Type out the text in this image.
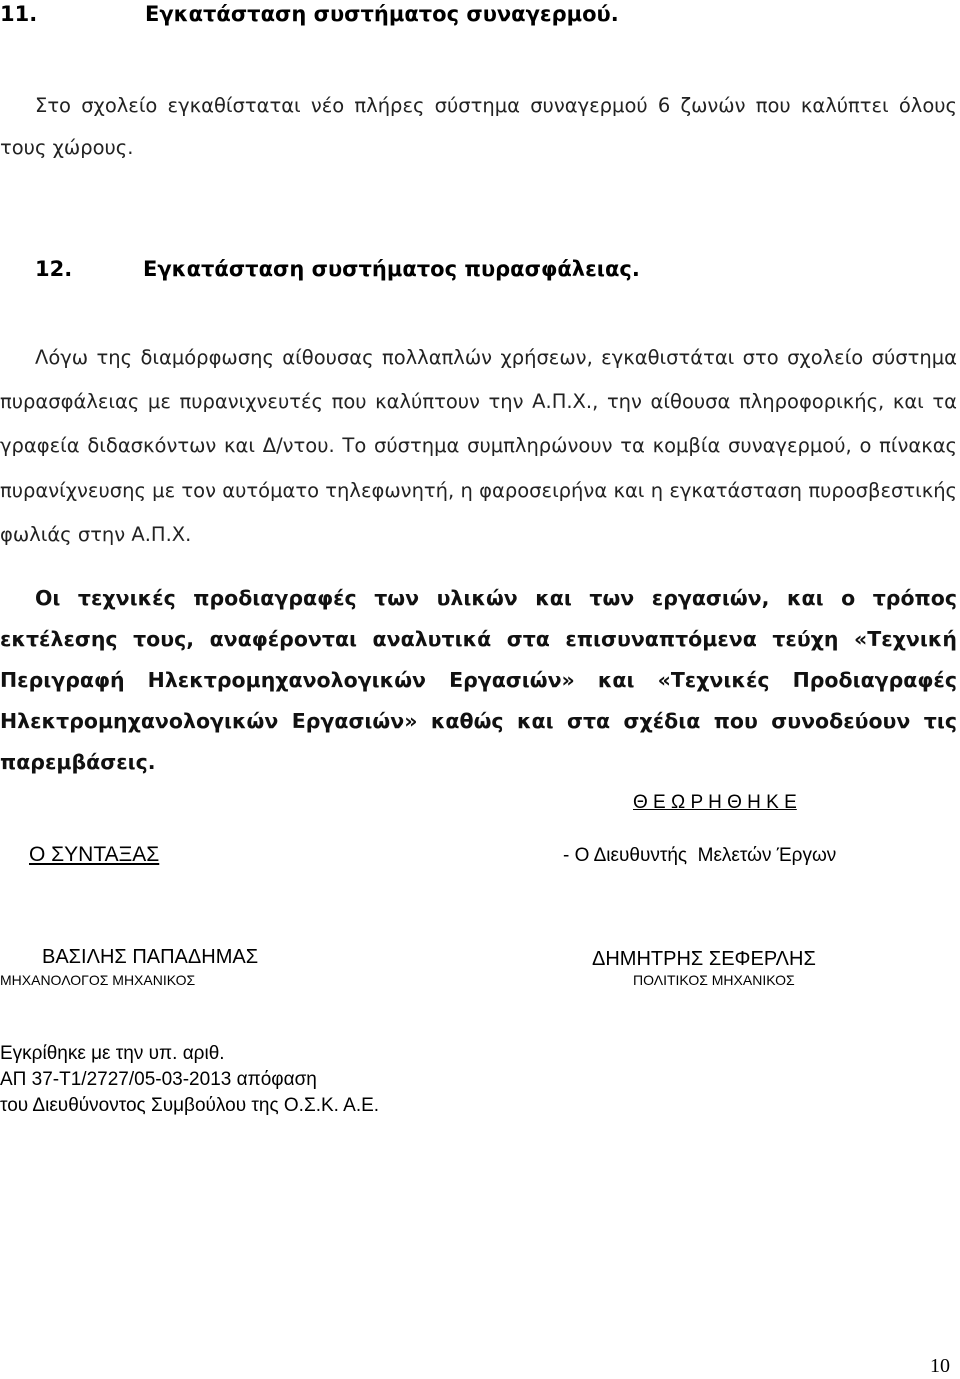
11.	Εγκατάσταση συστήματος συναγερμού.

Στο σχολείο εγκαθίσταται νέο πλήρες σύστημα συναγερμού 6 ζωνών που καλύπτει όλους τους χώρους.

12.	Εγκατάσταση συστήματος πυρασφάλειας.

Λόγω της διαμόρφωσης αίθουσας πολλαπλών χρήσεων, εγκαθιστάται στο σχολείο σύστημα πυρασφάλειας με πυρανιχνευτές που καλύπτουν την Α.Π.Χ., την αίθουσα πληροφορικής, και τα γραφεία διδασκόντων και Δ/ντου. Το σύστημα συμπληρώνουν τα κομβία συναγερμού, ο πίνακας πυρανίχνευσης με τον αυτόματο τηλεφωνητή, η φαροσειρήνα και η εγκατάσταση πυροσβεστικής φωλιάς στην Α.Π.Χ.

Οι τεχνικές προδιαγραφές των υλικών και των εργασιών, και ο τρόπος εκτέλεσης τους, αναφέρονται αναλυτικά στα επισυναπτόμενα τεύχη «Τεχνική Περιγραφή Ηλεκτρομηχανολογικών Εργασιών» και «Τεχνικές Προδιαγραφές Ηλεκτρομηχανολογικών Εργασιών» καθώς και στα σχέδια που συνοδεύουν τις παρεμβάσεις.

Θ Ε Ω Ρ Η Θ Η Κ Ε
Ο ΣΥΝΤΑΞΑΣ	- Ο Διευθυντής  Μελετών Έργων
ΒΑΣΙΛΗΣ ΠΑΠΑΔΗΜΑΣ
ΜΗΧΑΝΟΛΟΓΟΣ ΜΗΧΑΝΙΚΟΣ
ΔΗΜΗΤΡΗΣ ΣΕΦΕΡΛΗΣ
ΠΟΛΙΤΙΚΟΣ ΜΗΧΑΝΙΚΟΣ
Εγκρίθηκε με την υπ. αριθ.
ΑΠ 37-Τ1/2727/05-03-2013 απόφαση
του Διευθύνοντος Συμβούλου της Ο.Σ.Κ. Α.Ε.
10
